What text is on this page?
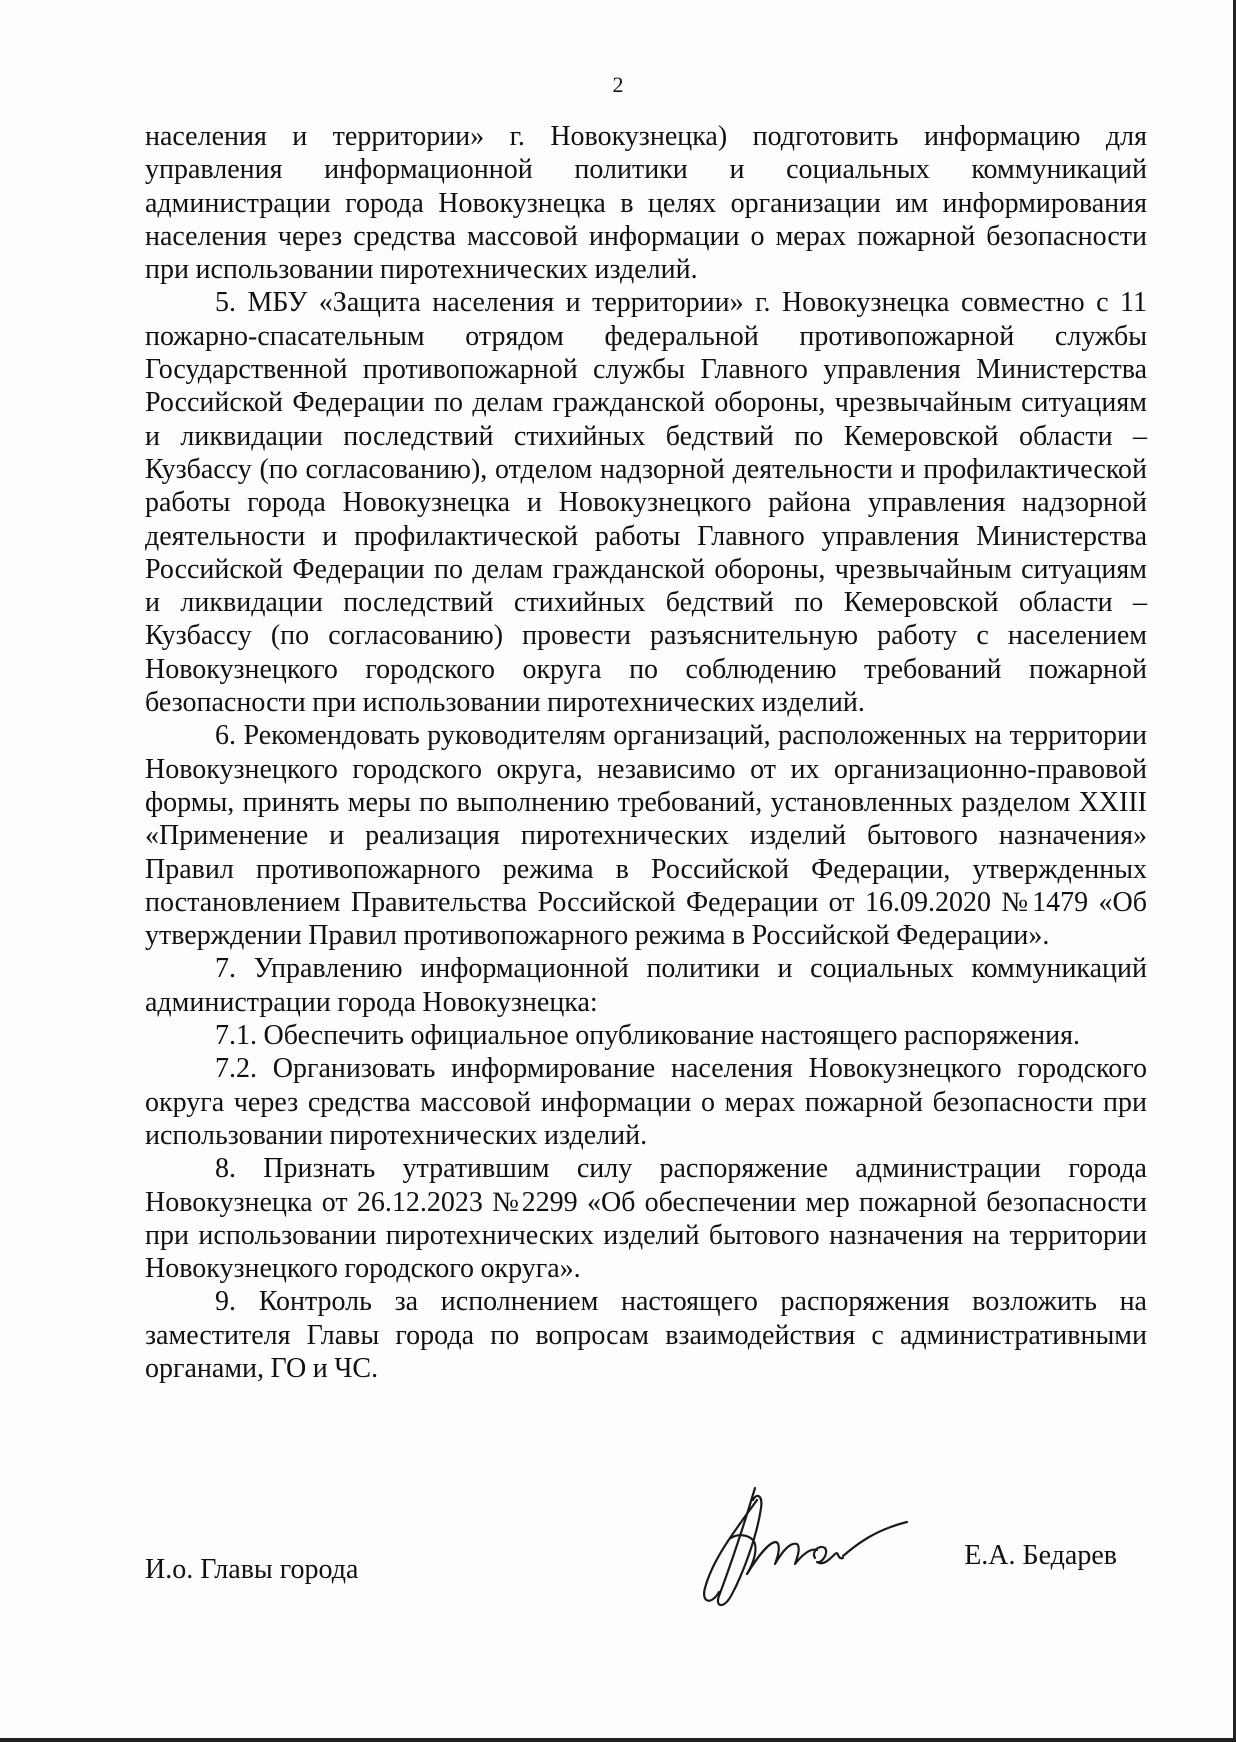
2

населения и территории» г. Новокузнецка) подготовить информацию для управления информационной политики и социальных коммуникаций администрации города Новокузнецка в целях организации им информирования населения через средства массовой информации о мерах пожарной безопасности при использовании пиротехнических изделий.

5. МБУ «Защита населения и территории» г. Новокузнецка совместно с 11 пожарно-спасательным отрядом федеральной противопожарной службы Государственной противопожарной службы Главного управления Министерства Российской Федерации по делам гражданской обороны, чрезвычайным ситуациям и ликвидации последствий стихийных бедствий по Кемеровской области – Кузбассу (по согласованию), отделом надзорной деятельности и профилактической работы города Новокузнецка и Новокузнецкого района управления надзорной деятельности и профилактической работы Главного управления Министерства Российской Федерации по делам гражданской обороны, чрезвычайным ситуациям и ликвидации последствий стихийных бедствий по Кемеровской области – Кузбассу (по согласованию) провести разъяснительную работу с населением Новокузнецкого городского округа по соблюдению требований пожарной безопасности при использовании пиротехнических изделий.

6. Рекомендовать руководителям организаций, расположенных на территории Новокузнецкого городского округа, независимо от их организационно-правовой формы, принять меры по выполнению требований, установленных разделом XXIII «Применение и реализация пиротехнических изделий бытового назначения» Правил противопожарного режима в Российской Федерации, утвержденных постановлением Правительства Российской Федерации от 16.09.2020 №1479 «Об утверждении Правил противопожарного режима в Российской Федерации».

7. Управлению информационной политики и социальных коммуникаций администрации города Новокузнецка:

7.1. Обеспечить официальное опубликование настоящего распоряжения.

7.2. Организовать информирование населения Новокузнецкого городского округа через средства массовой информации о мерах пожарной безопасности при использовании пиротехнических изделий.

8. Признать утратившим силу распоряжение администрации города Новокузнецка от 26.12.2023 №2299 «Об обеспечении мер пожарной безопасности при использовании пиротехнических изделий бытового назначения на территории Новокузнецкого городского округа».

9. Контроль за исполнением настоящего распоряжения возложить на заместителя Главы города по вопросам взаимодействия с административными органами, ГО и ЧС.

И.о. Главы города	Е.А. Бедарев
